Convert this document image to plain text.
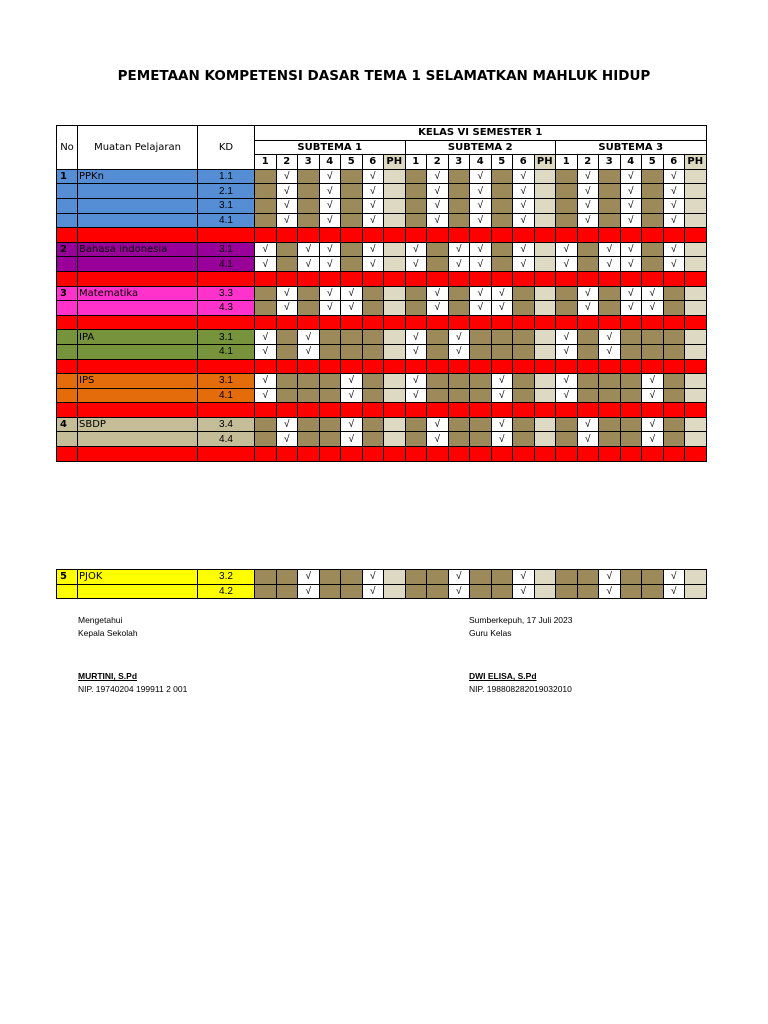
PEMETAAN KOMPETENSI DASAR TEMA 1 SELAMATKAN MAHLUK HIDUP
No	Muatan Pelajaran	KD	KELAS VI SEMESTER 1																				
			SUBTEMA 1							SUBTEMA 2							SUBTEMA 3						
			1	2	3	4	5	6	PH	1	2	3	4	5	6	PH	1	2	3	4	5	6	PH
1	PPKn	1.1		√		√		√			√		√		√			√		√		√	
		2.1		√		√		√			√		√		√			√		√		√	
		3.1		√		√		√			√		√		√			√		√		√	
		4.1		√		√		√			√		√		√			√		√		√	

2	Bahasa Indonesia	3.1	√		√	√		√		√		√	√		√		√		√	√		√	
		4.1	√		√	√		√		√		√	√		√		√		√	√		√	

3	Matematika	3.3		√		√	√				√		√	√				√		√	√		
		4.3		√		√	√				√		√	√				√		√	√		

	IPA	3.1	√		√					√		√					√		√				
		4.1	√		√					√		√					√		√				

	IPS	3.1	√				√			√				√			√				√		
		4.1	√				√			√				√			√				√		

4	SBDP	3.4		√			√				√			√				√			√		
		4.4		√			√				√			√				√			√		

5	PJOK	3.2			√			√				√			√				√			√	
		4.2			√			√				√			√				√			√	
Mengetahui
Kepala Sekolah
MURTINI, S.Pd
NIP. 19740204 199911 2 001
Sumberkepuh, 17 Juli 2023
Guru Kelas
DWI ELISA, S.Pd
NIP. 198808282019032010
